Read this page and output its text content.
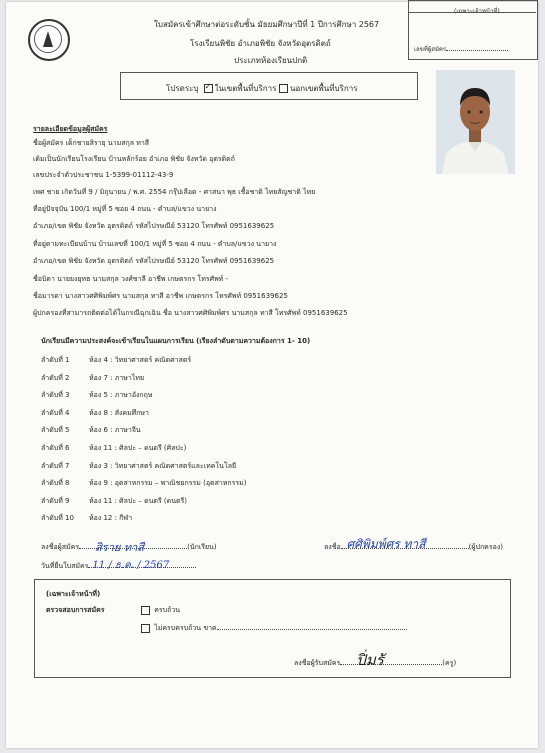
(เฉพาะเจ้าหน้าที่)
เลขที่ผู้สมัคร
ใบสมัครเข้าศึกษาต่อระดับชั้น มัธยมศึกษาปีที่ 1 ปีการศึกษา 2567
โรงเรียนพิชัย อำเภอพิชัย จังหวัดอุตรดิตถ์
ประเภทห้องเรียนปกติ
โปรดระบุ  ✓ ในเขตพื้นที่บริการ นอกเขตพื้นที่บริการ
รายละเอียดข้อมูลผู้สมัคร
ชื่อผู้สมัคร เด็กชายสิรายุ นามสกุล ทาสี
เดิมเป็นนักเรียนโรงเรียน บ้านหลักร้อย อำเภอ พิชัย จังหวัด อุตรดิตถ์
เลขประจำตัวประชาชน 1-5399-01112-43-9
เพศ ชาย เกิดวันที่ 9 / มิถุนายน / พ.ศ. 2554 กรุ๊ปเลือด - ศาสนา พุธ เชื้อชาติ ไทยสัญชาติ ไทย
ที่อยู่ปัจจุบัน 100/1 หมู่ที่ 5 ซอย 4 ถนน - ตำบล/แขวง นายาง
อำเภอ/เขต พิชัย จังหวัด อุตรดิตถ์ รหัสไปรษณีย์ 53120 โทรศัพท์ 0951639625
ที่อยู่ตามทะเบียนบ้าน บ้านเลขที่ 100/1 หมู่ที่ 5 ซอย 4 ถนน - ตำบล/แขวง นายาง
อำเภอ/เขต พิชัย จังหวัด อุตรดิตถ์ รหัสไปรษณีย์ 53120 โทรศัพท์ 0951639625
ชื่อบิดา นายยงยุทธ นามสกุล วงศ์ชาลี อาชีพ เกษตรกร โทรศัพท์ -
ชื่อมารดา นางสาวศศิพิมพ์ศร นามสกุล ทาสี อาชีพ เกษตรกร โทรศัพท์ 0951639625
ผู้ปกครองที่สามารถติดต่อได้ในกรณีฉุกเฉิน ชื่อ นางสาวศศิพิมพ์ศร นามสกุล ทาสี โทรศัพท์ 0951639625
นักเรียนมีความประสงค์จะเข้าเรียนในแผนการเรียน (เรียงลำดับตามความต้องการ 1- 10)
ลำดับที่ 1	ห้อง 4 : วิทยาศาสตร์ คณิตศาสตร์
ลำดับที่ 2	ห้อง 7 : ภาษาไทย
ลำดับที่ 3	ห้อง 5 : ภาษาอังกฤษ
ลำดับที่ 4	ห้อง 8 : สังคมศึกษา
ลำดับที่ 5	ห้อง 6 : ภาษาจีน
ลำดับที่ 6	ห้อง 11 : ศิลปะ – ดนตรี (ศิลปะ)
ลำดับที่ 7	ห้อง 3 : วิทยาศาสตร์ คณิตศาสตร์และเทคโนโลยี
ลำดับที่ 8	ห้อง 9 : อุตสาหกรรม – พาณิชยกรรม (อุตสาหกรรม)
ลำดับที่ 9	ห้อง 11 : ศิลปะ – ดนตรี (ดนตรี)
ลำดับที่ 10 ห้อง 12 : กีฬา
ลงชื่อผู้สมัคร สิราย ทาสี	(นักเรียน)
วันที่ยื่นใบสมัคร 11 / ธ.ค. / 2567
ลงชื่อ ศศิพิมพ์ศร ทาสี	(ผู้ปกครอง)
(เฉพาะเจ้าหน้าที่)
ตรวจสอบการสมัคร	ครบถ้วน
ไม่ครบครบถ้วน ขาด
ลงชื่อผู้รับสมัคร ปิ่มรั	(ครู)
